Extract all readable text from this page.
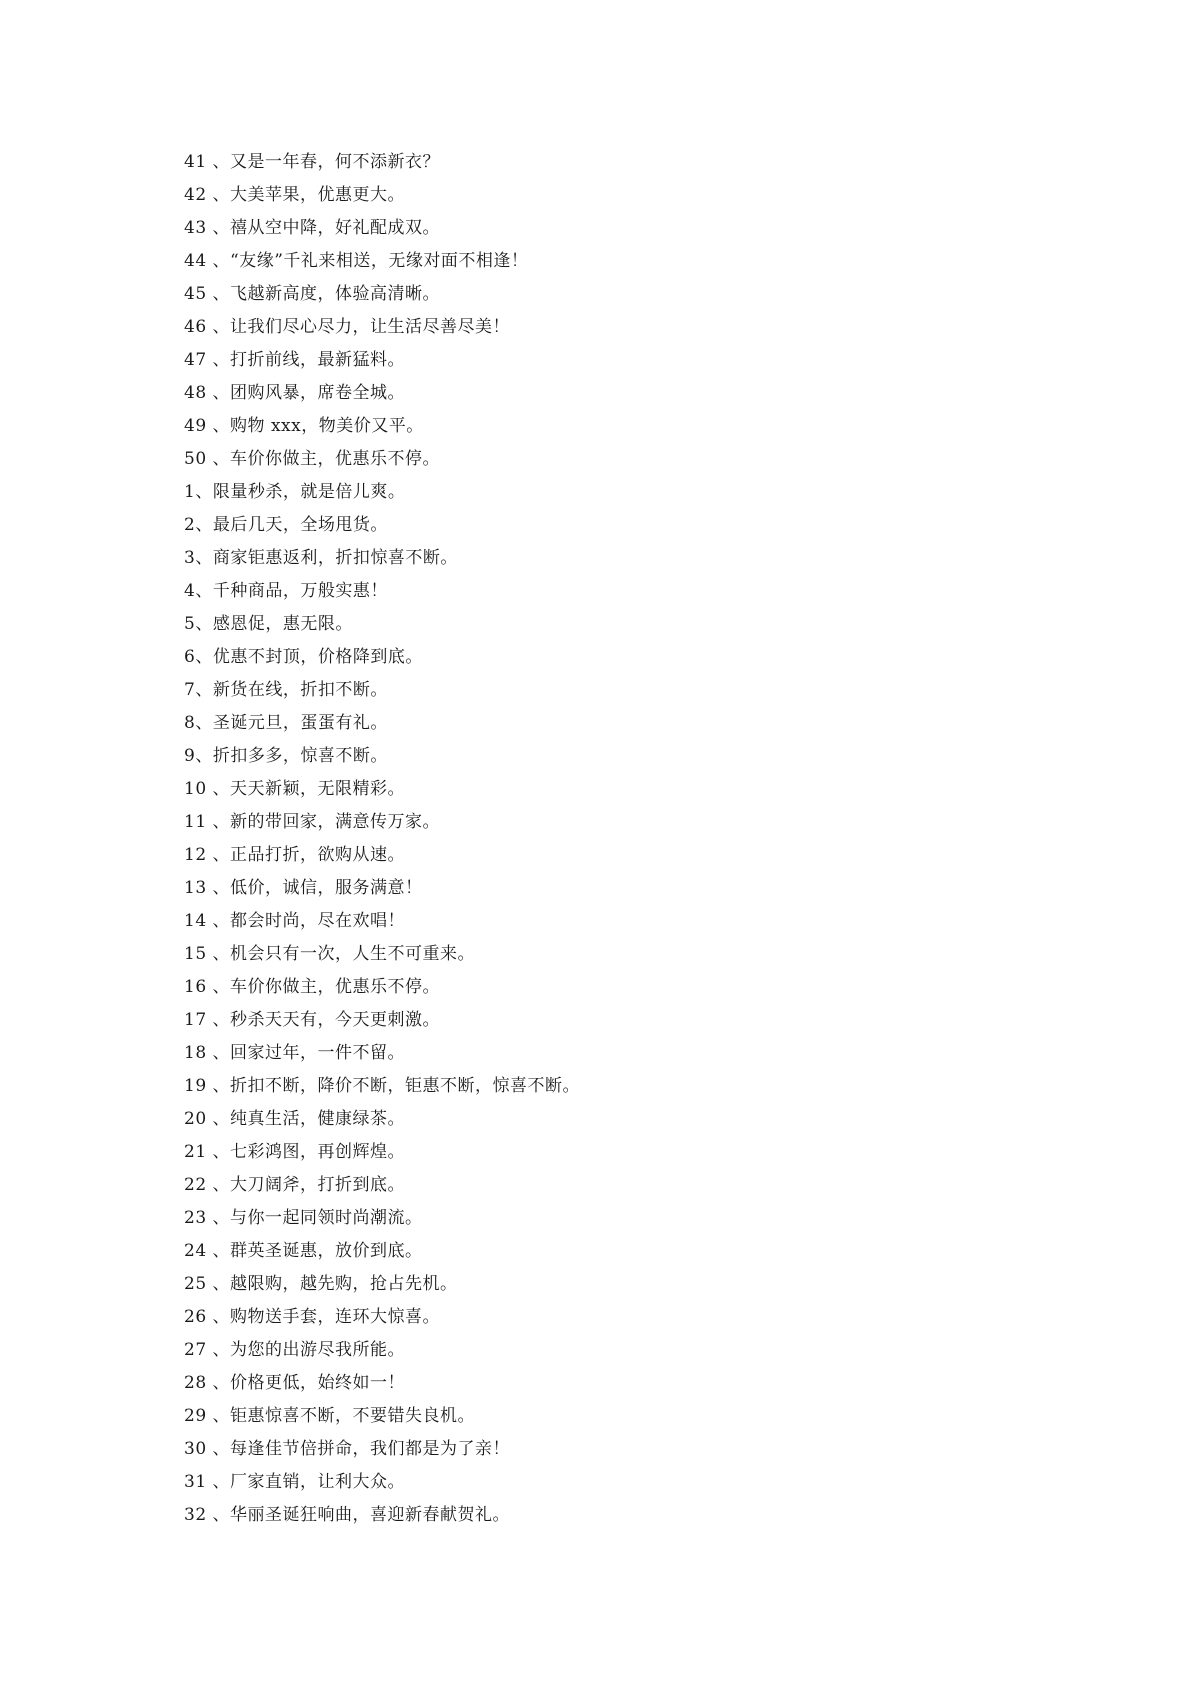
41 、又是一年春，何不添新衣？
42 、大美苹果，优惠更大。
43 、禧从空中降，好礼配成双。
44 、“友缘”千礼来相送，无缘对面不相逢！
45 、飞越新高度，体验高清晰。
46 、让我们尽心尽力，让生活尽善尽美！
47 、打折前线，最新猛料。
48 、团购风暴，席卷全城。
49 、购物 xxx，物美价又平。
50 、车价你做主，优惠乐不停。
1、限量秒杀，就是倍儿爽。
2、最后几天，全场甩货。
3、商家钜惠返利，折扣惊喜不断。
4、千种商品，万般实惠！
5、感恩促，惠无限。
6、优惠不封顶，价格降到底。
7、新货在线，折扣不断。
8、圣诞元旦，蛋蛋有礼。
9、折扣多多，惊喜不断。
10 、天天新颖，无限精彩。
11 、新的带回家，满意传万家。
12 、正品打折，欲购从速。
13 、低价，诚信，服务满意！
14 、都会时尚，尽在欢唱！
15 、机会只有一次，人生不可重来。
16 、车价你做主，优惠乐不停。
17 、秒杀天天有，今天更刺激。
18 、回家过年，一件不留。
19 、折扣不断，降价不断，钜惠不断，惊喜不断。
20 、纯真生活，健康绿茶。
21 、七彩鸿图，再创辉煌。
22 、大刀阔斧，打折到底。
23 、与你一起同领时尚潮流。
24 、群英圣诞惠，放价到底。
25 、越限购，越先购，抢占先机。
26 、购物送手套，连环大惊喜。
27 、为您的出游尽我所能。
28 、价格更低，始终如一！
29 、钜惠惊喜不断，不要错失良机。
30 、每逢佳节倍拼命，我们都是为了亲！
31 、厂家直销，让利大众。
32 、华丽圣诞狂响曲，喜迎新春献贺礼。
